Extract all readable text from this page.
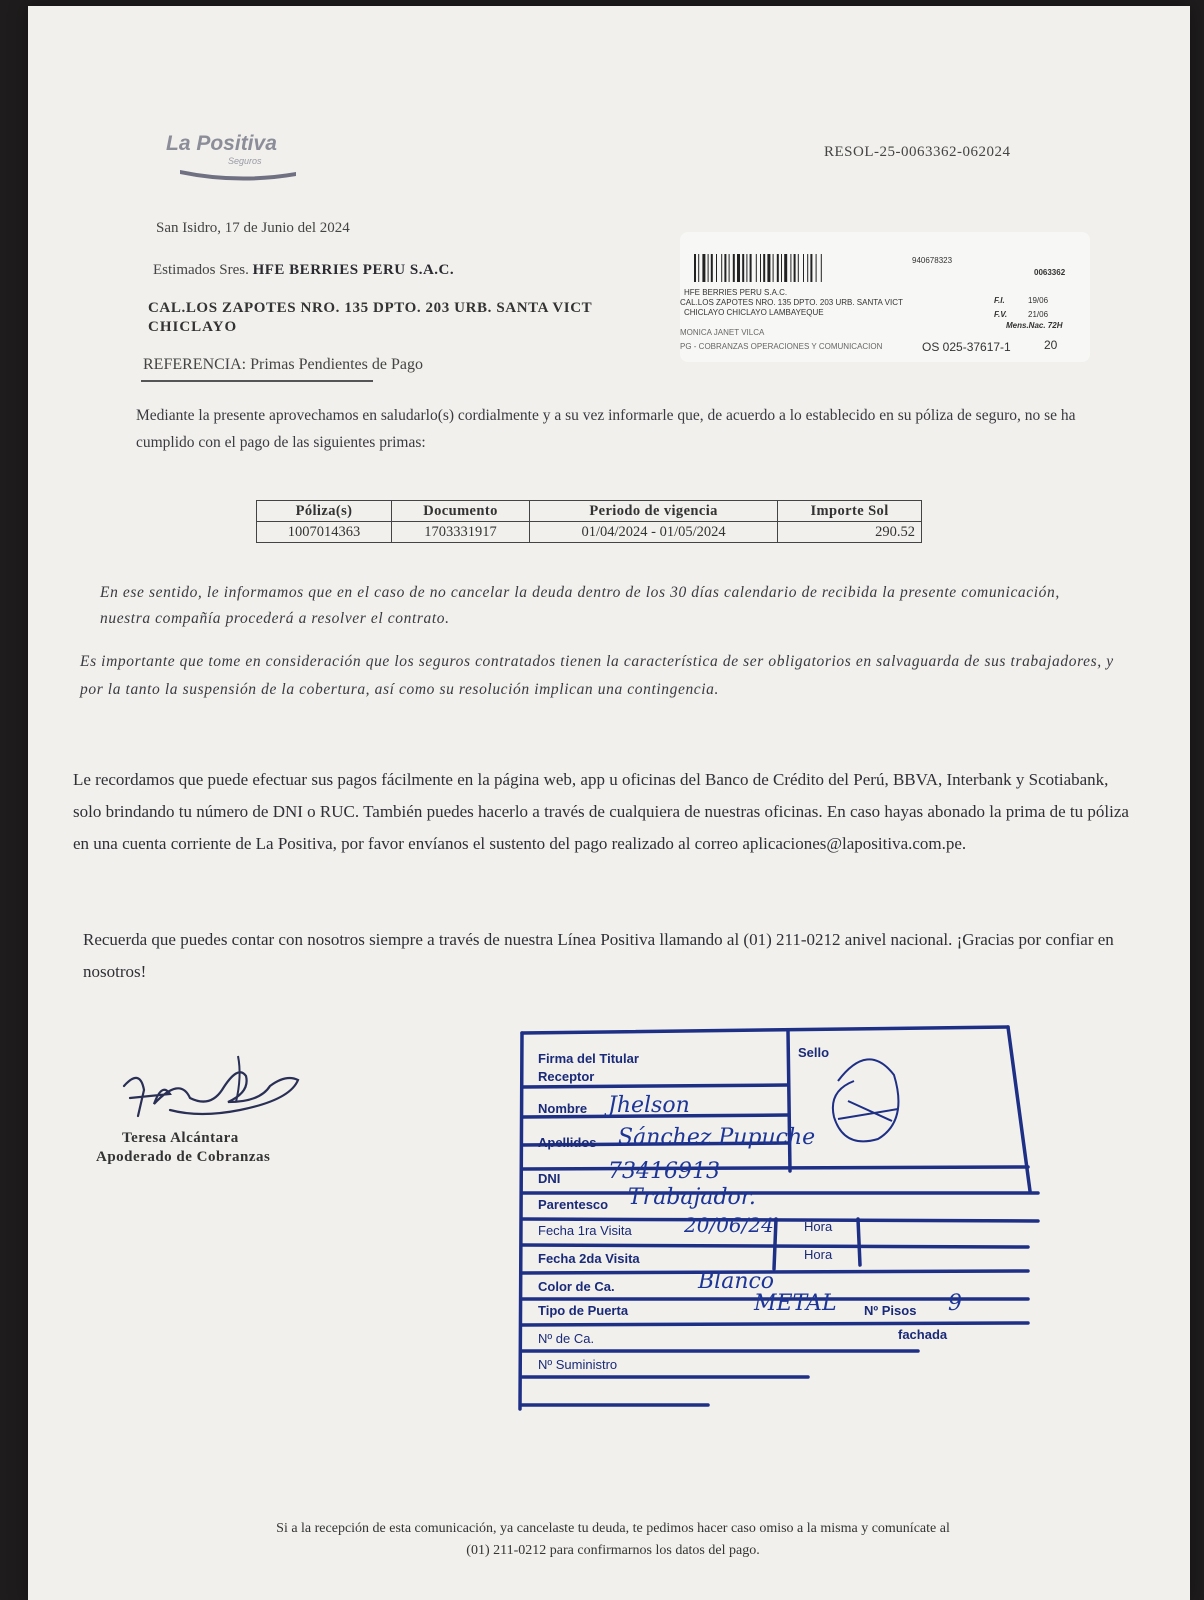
La Positiva
Seguros
RESOL-25-0063362-062024
San Isidro, 17 de Junio del 2024
Estimados Sres. HFE BERRIES PERU S.A.C.
CAL.LOS ZAPOTES NRO. 135 DPTO. 203 URB. SANTA VICT
CHICLAYO
REFERENCIA: Primas Pendientes de Pago
940678323
0063362
HFE BERRIES PERU S.A.C.
CAL.LOS ZAPOTES NRO. 135 DPTO. 203 URB. SANTA VICT
CHICLAYO CHICLAYO LAMBAYEQUE
MONICA JANET VILCA
PG - COBRANZAS OPERACIONES Y COMUNICACION
F.I.	19/06
F.V.	21/06
Mens.Nac. 72H
OS 025-37617-1	20
Mediante la presente aprovechamos en saludarlo(s) cordialmente y a su vez informarle que, de acuerdo a lo establecido en su póliza de seguro, no se ha cumplido con el pago de las siguientes primas:
Póliza(s)	Documento	Periodo de vigencia	Importe Sol
1007014363	1703331917	01/04/2024 - 01/05/2024	290.52
En ese sentido, le informamos que en el caso de no cancelar la deuda dentro de los 30 días calendario de recibida la presente comunicación, nuestra compañía procederá a resolver el contrato.
Es importante que tome en consideración que los seguros contratados tienen la característica de ser obligatorios en salvaguarda de sus trabajadores, y por la tanto la suspensión de la cobertura, así como su resolución implican una contingencia.
Le recordamos que puede efectuar sus pagos fácilmente en la página web, app u oficinas del Banco de Crédito del Perú, BBVA, Interbank y Scotiabank, solo brindando tu número de DNI o RUC. También puedes hacerlo a través de cualquiera de nuestras oficinas. En caso hayas abonado la prima de tu póliza en una cuenta corriente de La Positiva, por favor envíanos el sustento del pago realizado al correo aplicaciones@lapositiva.com.pe.
Recuerda que puedes contar con nosotros siempre a través de nuestra Línea Positiva llamando al (01) 211-0212 anivel nacional. ¡Gracias por confiar en nosotros!
Teresa Alcántara
Apoderado de Cobranzas
Firma del Titular
Receptor
Sello
Nombre Jhelson
Apellidos Sánchez Pupuche
DNI 73416913
Parentesco Trabajador.
Fecha 1ra Visita	20/06/24 Hora
Fecha 2da Visita	Hora
Color de Ca.	Blanco
Tipo de Puerta	METAL Nº Pisos 9
Nº de Ca.	fachada
Nº Suministro
Si a la recepción de esta comunicación, ya cancelaste tu deuda, te pedimos hacer caso omiso a la misma y comunícate al
(01) 211-0212 para confirmarnos los datos del pago.
